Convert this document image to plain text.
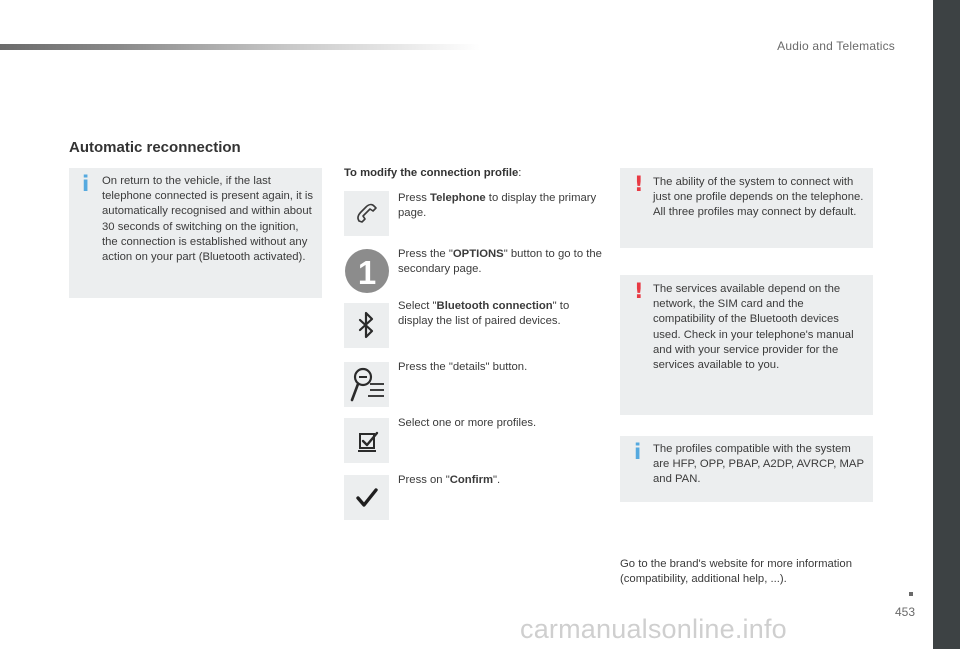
Audio and Telematics
453
carmanualsonline.info
Automatic reconnection
i On return to the vehicle, if the last telephone connected is present again, it is automatically recognised and within about 30 seconds of switching on the ignition, the connection is established without any action on your part (Bluetooth activated).
To modify the connection profile:
Press Telephone to display the primary page.
1	Press the "OPTIONS" button to go to the secondary page.
Select "Bluetooth connection" to display the list of paired devices.
Press the "details" button.
Select one or more profiles.
Press on "Confirm".
! The ability of the system to connect with just one profile depends on the telephone.
All three profiles may connect by default.
! The services available depend on the network, the SIM card and the compatibility of the Bluetooth devices used. Check in your telephone's manual and with your service provider for the services available to you.
i The profiles compatible with the system are HFP, OPP, PBAP, A2DP, AVRCP, MAP and PAN.
Go to the brand's website for more information (compatibility, additional help, ...).
